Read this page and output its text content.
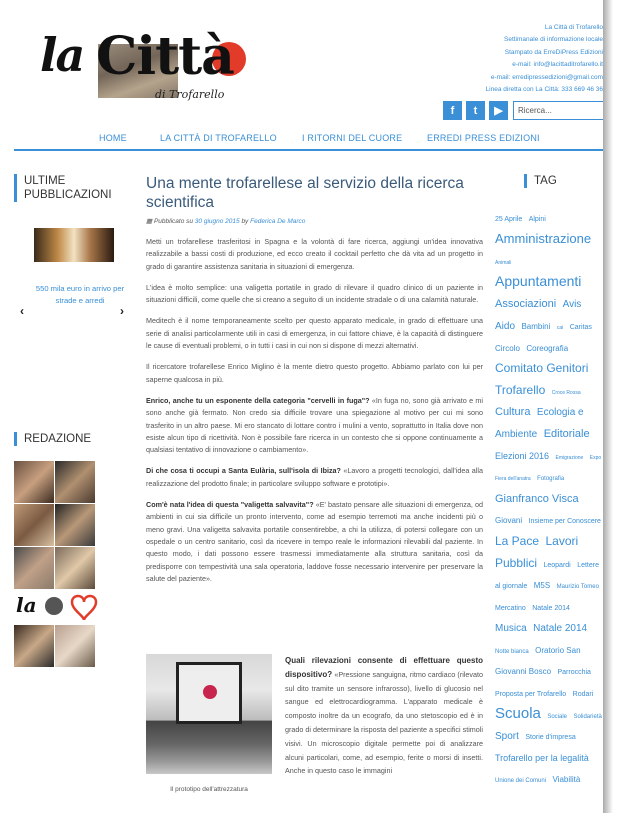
la Città
di Trofarello
La Città di Trofarello
Settimanale di informazione locale
Stampato da ErreDiPress Edizioni
e-mail: info@lacittaditrofarello.it
e-mail: erredipressedizioni@gmail.com
Linea diretta con La Città: 333 669 46 36
f	t	▶	Ricerca...
HOME	LA CITTÀ DI TROFARELLO	I RITORNI DEL CUORE	ERREDI PRESS EDIZIONI
ULTIME PUBBLICAZIONI
550 mila euro in arrivo per strade e arredi
‹	›
REDAZIONE
la
Una mente trofarellese al servizio della ricerca scientifica
▦ Pubblicato su 30 giugno 2015 by Federica De Marco

Metti un trofarellese trasferitosi in Spagna e la volontà di fare ricerca, aggiungi un'idea innovativa realizzabile a bassi costi di produzione, ed ecco creato il cocktail perfetto che dà vita ad un progetto in grado di garantire assistenza sanitaria in situazioni di emergenza.

L'idea è molto semplice: una valigetta portatile in grado di rilevare il quadro clinico di un paziente in situazioni difficili, come quelle che si creano a seguito di un incidente stradale o di una calamità naturale.

Meditech è il nome temporaneamente scelto per questo apparato medicale, in grado di effettuare una serie di analisi particolarmente utili in casi di emergenza, in cui fattore chiave, è la capacità di distinguere le cause di eventuali problemi, o in tutti i casi in cui non si dispone di mezzi alternativi.

Il ricercatore trofarellese Enrico Miglino è la mente dietro questo progetto. Abbiamo parlato con lui per saperne qualcosa in più.

Enrico, anche tu un esponente della categoria "cervelli in fuga"? «In fuga no, sono già arrivato e mi sono anche già fermato. Non credo sia difficile trovare una spiegazione al motivo per cui mi sono trasferito in un altro paese. Mi ero stancato di lottare contro i mulini a vento, soprattutto in Italia dove non esiste alcun tipo di ricettività. Non è possibile fare ricerca in un contesto che si oppone continuamente a qualsiasi tentativo di innovazione o cambiamento».

Di che cosa ti occupi a Santa Eulària, sull'isola di Ibiza? «Lavoro a progetti tecnologici, dall'idea alla realizzazione del prodotto finale; in particolare sviluppo software e prototipi».

Com'è nata l'idea di questa "valigetta salvavita"? «E' bastato pensare alle situazioni di emergenza, od ambienti in cui sia difficile un pronto intervento, come ad esempio terremoti ma anche incidenti più o meno gravi. Una valigetta salvavita portatile consentirebbe, a chi la utilizza, di potersi collegare con un ospedale o un centro sanitario, così da ricevere in tempo reale le informazioni rilevabili dal paziente. In questo modo, i dati possono essere trasmessi immediatamente alla struttura sanitaria, così da predisporre con tempestività una sala operatoria, laddove fosse necessario intervenire per preservare la salute del paziente».

Il prototipo dell'attrezzatura
Quali rilevazioni consente di effettuare questo dispositivo? «Pressione sanguigna, ritmo cardiaco (rilevato sul dito tramite un sensore infrarosso), livello di glucosio nel sangue ed elettrocardiogramma. L'apparato medicale è composto inoltre da un ecografo, da uno stetoscopio ed è in grado di determinare la risposta del paziente a specifici stimoli visivi. Un microscopio digitale permette poi di analizzare alcuni particolari, come, ad esempio, ferite o morsi di insetti. Anche in questo caso le immagini
TAG
25 Aprile Alpini Amministrazione Animali Appuntamenti Associazioni Avis Aido Bambini cai Caritas Circolo Coreografia Comitato Genitori Trofarello Croce Rossa Cultura Ecologia e Ambiente Editoriale Elezioni 2016 Emigrazione Expo Fiera dell'anatra Fotografia Gianfranco Visca Giovani Insieme per Conoscere La Pace Lavori Pubblici Leopardi Lettere al giornale M5S Maurizio Tomeo Mercatino Natale 2014 Musica Natale 2014 Notte bianca Oratorio San Giovanni Bosco Parrocchia Proposta per Trofarello Rodari Scuola Sociale Solidarietà Sport Storie d'impresa Trofarello per la legalità Unione dei Comuni Viabilità
